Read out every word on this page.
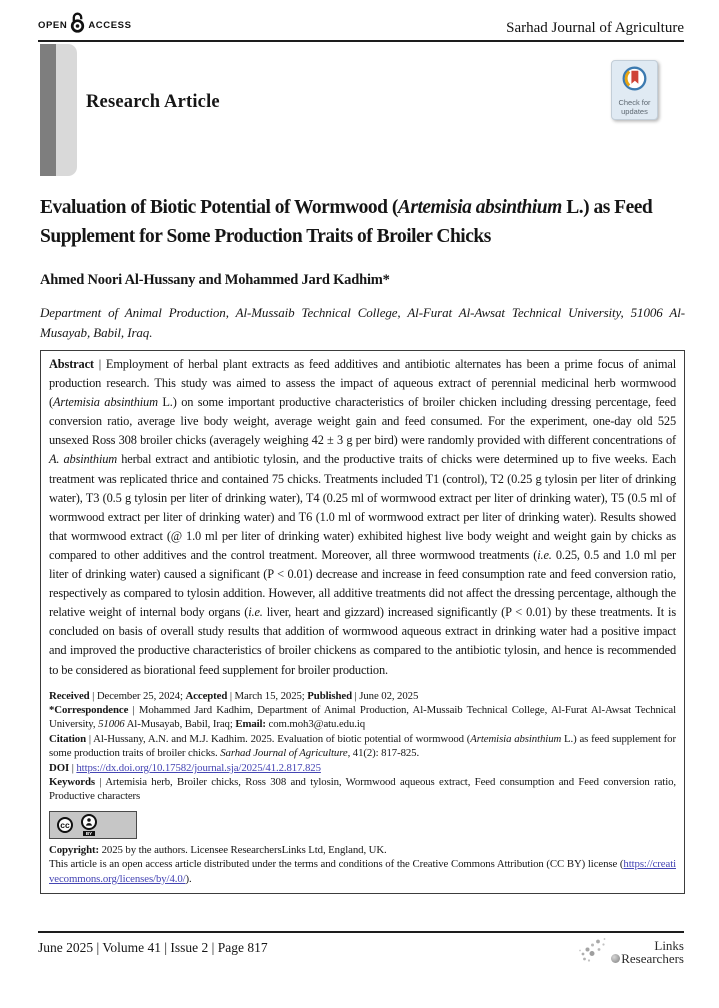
OPEN ACCESS	Sarhad Journal of Agriculture
Research Article	Check for
updates
Evaluation of Biotic Potential of Wormwood (Artemisia absinthium L.) as Feed Supplement for Some Production Traits of Broiler Chicks
Ahmed Noori Al-Hussany and Mohammed Jard Kadhim*
Department of Animal Production, Al-Mussaib Technical College, Al-Furat Al-Awsat Technical University, 51006 Al-Musayab, Babil, Iraq.

Abstract | Employment of herbal plant extracts as feed additives and antibiotic alternates has been a prime focus of animal production research. This study was aimed to assess the impact of aqueous extract of perennial medicinal herb wormwood (Artemisia absinthium L.) on some important productive characteristics of broiler chicken including dressing percentage, feed conversion ratio, average live body weight, average weight gain and feed consumed. For the experiment, one-day old 525 unsexed Ross 308 broiler chicks (averagely weighing 42 ± 3 g per bird) were randomly provided with different concentrations of A. absinthium herbal extract and antibiotic tylosin, and the productive traits of chicks were determined up to five weeks. Each treatment was replicated thrice and contained 75 chicks. Treatments included T1 (control), T2 (0.25 g tylosin per liter of drinking water), T3 (0.5 g tylosin per liter of drinking water), T4 (0.25 ml of wormwood extract per liter of drinking water), T5 (0.5 ml of wormwood extract per liter of drinking water) and T6 (1.0 ml of wormwood extract per liter of drinking water). Results showed that wormwood extract (@ 1.0 ml per liter of drinking water) exhibited highest live body weight and weight gain by chicks as compared to other additives and the control treatment. Moreover, all three wormwood treatments (i.e. 0.25, 0.5 and 1.0 ml per liter of drinking water) caused a significant (P < 0.01) decrease and increase in feed consumption rate and feed conversion ratio, respectively as compared to tylosin addition. However, all additive treatments did not affect the dressing percentage, although the relative weight of internal body organs (i.e. liver, heart and gizzard) increased significantly (P < 0.01) by these treatments. It is concluded on basis of overall study results that addition of wormwood aqueous extract in drinking water had a positive impact and improved the productive characteristics of broiler chickens as compared to the antibiotic tylosin, and hence is recommended to be considered as biorational feed supplement for broiler production.

Received | December 25, 2024; Accepted | March 15, 2025; Published | June 02, 2025

*Correspondence | Mohammed Jard Kadhim, Department of Animal Production, Al-Mussaib Technical College, Al-Furat Al-Awsat Technical University, 51006 Al-Musayab, Babil, Iraq; Email: com.moh3@atu.edu.iq

Citation | Al-Hussany, A.N. and M.J. Kadhim. 2025. Evaluation of biotic potential of wormwood (Artemisia absinthium L.) as feed supplement for some production traits of broiler chicks. Sarhad Journal of Agriculture, 41(2): 817-825.

DOI | https://dx.doi.org/10.17582/journal.sja/2025/41.2.817.825

Keywords | Artemisia herb, Broiler chicks, Ross 308 and tylosin, Wormwood aqueous extract, Feed consumption and Feed conversion ratio, Productive characters

cc
BY

Copyright: 2025 by the authors. Licensee ResearchersLinks Ltd, England, UK.

This article is an open access article distributed under the terms and conditions of the Creative Commons Attribution (CC BY) license (https://creativecommons.org/licenses/by/4.0/).

June 2025 | Volume 41 | Issue 2 | Page 817	Links
Researchers
